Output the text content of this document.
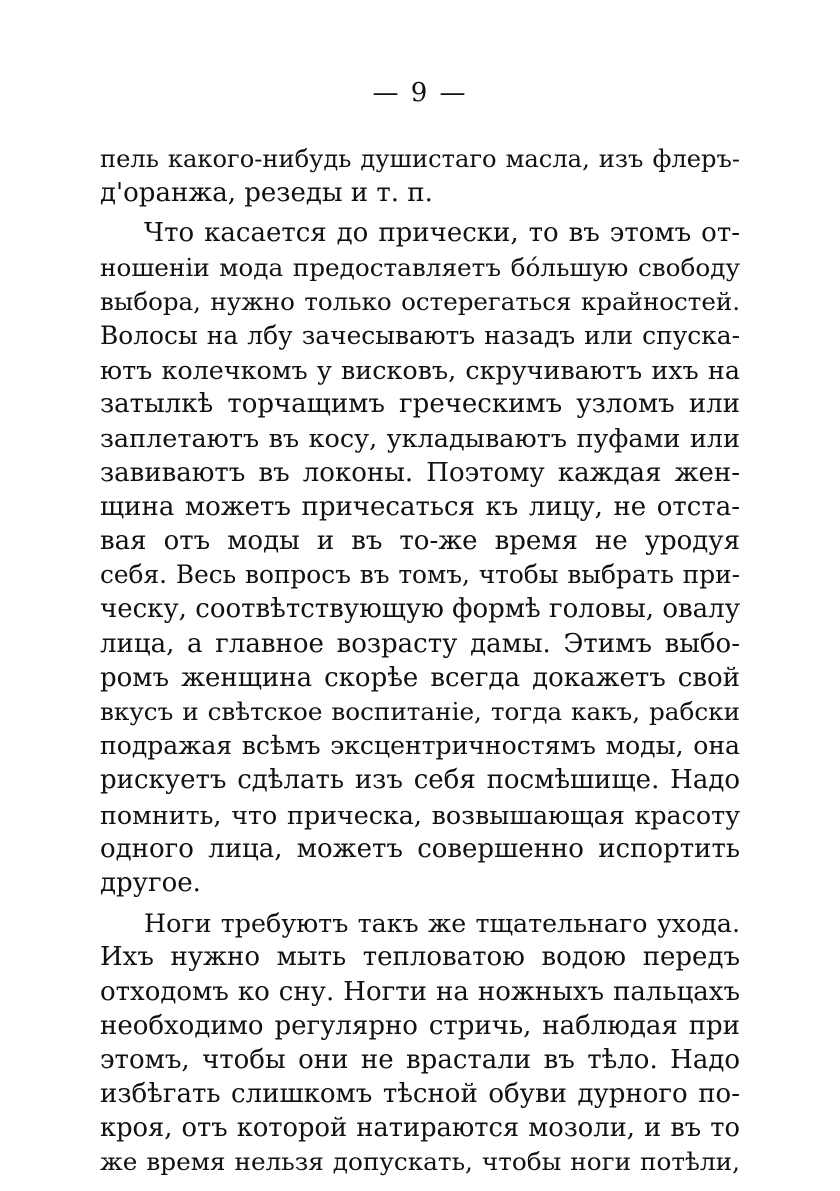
— 9 —
пель какого-нибудь душистаго масла, изъ флеръ-
д'оранжа, резеды и т. п.
Что касается до прически, то въ этомъ от-
ношеніи мода предоставляетъ бóльшую свободу
выбора, нужно только остерегаться крайностей.
Волосы на лбу зачесываютъ назадъ или спуска-
ютъ колечкомъ у висковъ, скручиваютъ ихъ на
затылкѣ торчащимъ греческимъ узломъ или
заплетаютъ въ косу, укладываютъ пуфами или
завиваютъ въ локоны. Поэтому каждая жен-
щина можетъ причесаться къ лицу, не отста-
вая отъ моды и въ то-же время не уродуя
себя. Весь вопросъ въ томъ, чтобы выбрать при-
ческу, соотвѣтствующую формѣ головы, овалу
лица, а главное возрасту дамы. Этимъ выбо-
ромъ женщина скорѣе всегда докажетъ свой
вкусъ и свѣтское воспитаніе, тогда какъ, рабски
подражая всѣмъ эксцентричностямъ моды, она
рискуетъ сдѣлать изъ себя посмѣшище. Надо
помнить, что прическа, возвышающая красоту
одного лица, можетъ совершенно испортить
другое.
Ноги требуютъ такъ же тщательнаго ухода.
Ихъ нужно мыть тепловатою водою передъ
отходомъ ко сну. Ногти на ножныхъ пальцахъ
необходимо регулярно стричь, наблюдая при
этомъ, чтобы они не врастали въ тѣло. Надо
избѣгать слишкомъ тѣсной обуви дурного по-
кроя, отъ которой натираются мозоли, и въ то
же время нельзя допускать, чтобы ноги потѣли,
